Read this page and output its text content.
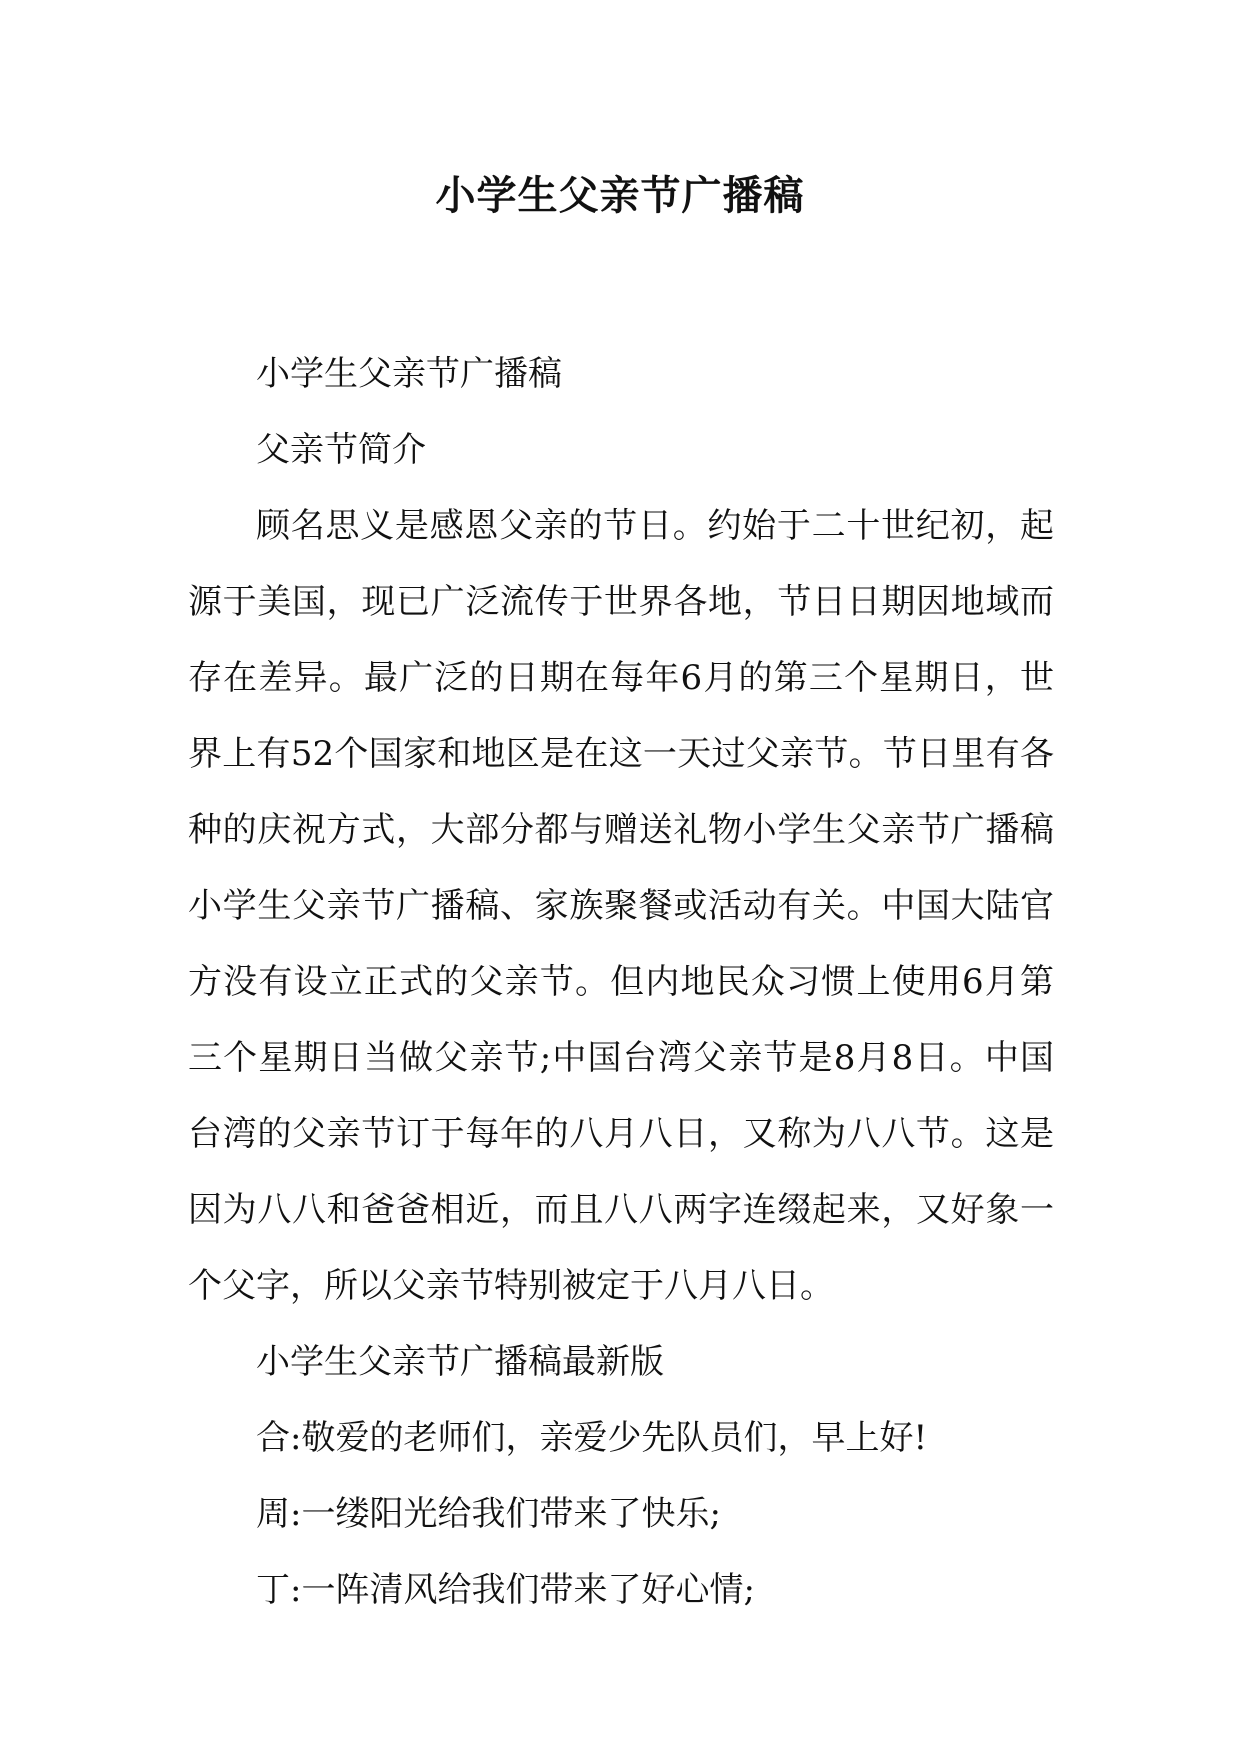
小学生父亲节广播稿

小学生父亲节广播稿

父亲节简介

顾名思义是感恩父亲的节日。约始于二十世纪初，起源于美国，现已广泛流传于世界各地，节日日期因地域而存在差异。最广泛的日期在每年6月的第三个星期日，世界上有52个国家和地区是在这一天过父亲节。节日里有各种的庆祝方式，大部分都与赠送礼物小学生父亲节广播稿小学生父亲节广播稿、家族聚餐或活动有关。中国大陆官方没有设立正式的父亲节。但内地民众习惯上使用6月第三个星期日当做父亲节;中国台湾父亲节是8月8日。中国台湾的父亲节订于每年的八月八日，又称为八八节。这是因为八八和爸爸相近，而且八八两字连缀起来，又好象一个父字，所以父亲节特别被定于八月八日。

小学生父亲节广播稿最新版

合:敬爱的老师们，亲爱少先队员们，早上好!

周:一缕阳光给我们带来了快乐;

丁:一阵清风给我们带来了好心情;
